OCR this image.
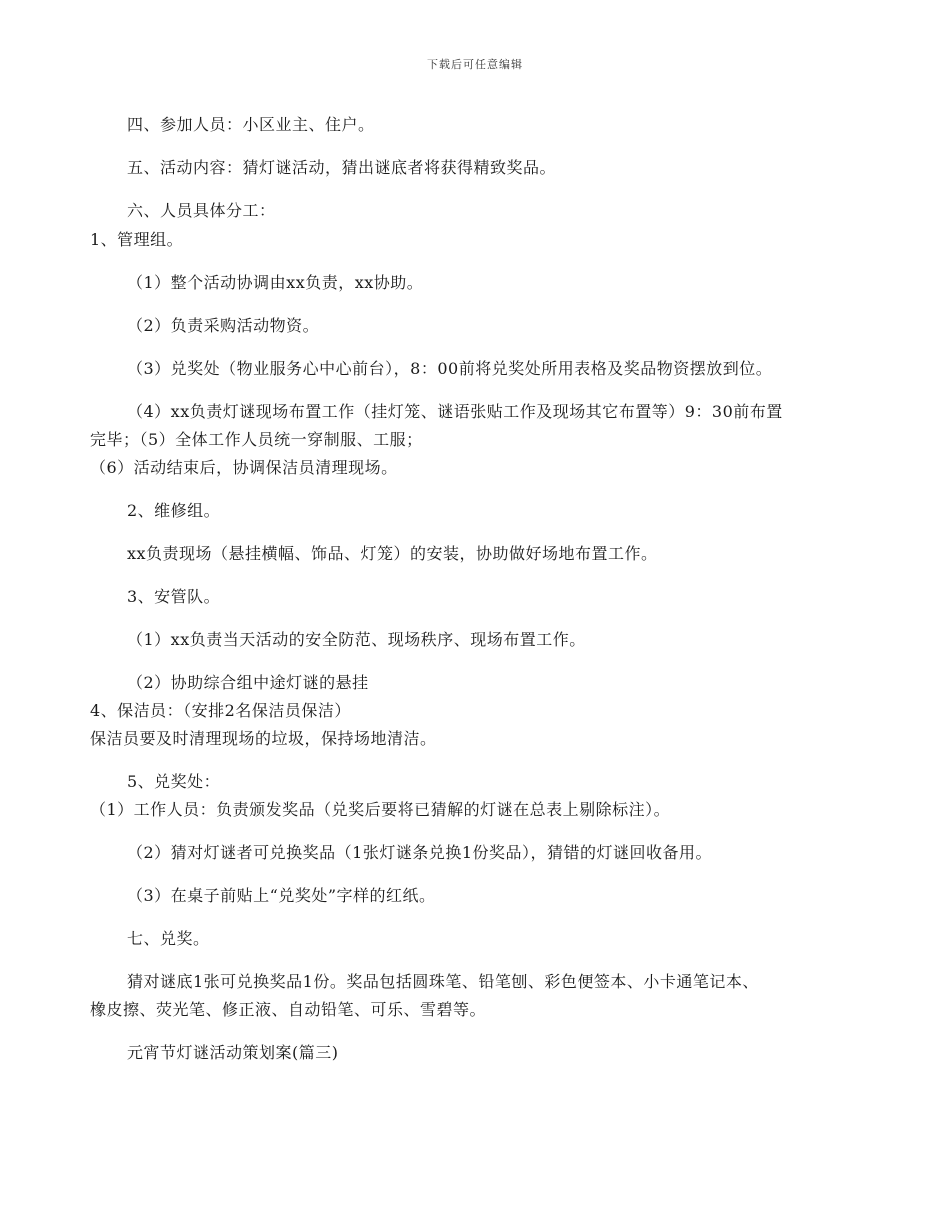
下载后可任意编辑
四、参加人员：小区业主、住户。
五、活动内容：猜灯谜活动，猜出谜底者将获得精致奖品。
六、人员具体分工：
1、管理组。
（1）整个活动协调由xx负责，xx协助。
（2）负责采购活动物资。
（3）兑奖处（物业服务心中心前台），8：00前将兑奖处所用表格及奖品物资摆放到位。
（4）xx负责灯谜现场布置工作（挂灯笼、谜语张贴工作及现场其它布置等）9：30前布置
完毕；（5）全体工作人员统一穿制服、工服；
（6）活动结束后，协调保洁员清理现场。
2、维修组。
xx负责现场（悬挂横幅、饰品、灯笼）的安装，协助做好场地布置工作。
3、安管队。
（1）xx负责当天活动的安全防范、现场秩序、现场布置工作。
（2）协助综合组中途灯谜的悬挂
4、保洁员：（安排2名保洁员保洁）
保洁员要及时清理现场的垃圾，保持场地清洁。
5、兑奖处：
（1）工作人员：负责颁发奖品（兑奖后要将已猜解的灯谜在总表上剔除标注）。
（2）猜对灯谜者可兑换奖品（1张灯谜条兑换1份奖品），猜错的灯谜回收备用。
（3）在桌子前贴上“兑奖处”字样的红纸。
七、兑奖。
猜对谜底1张可兑换奖品1份。奖品包括圆珠笔、铅笔刨、彩色便签本、小卡通笔记本、
橡皮擦、荧光笔、修正液、自动铅笔、可乐、雪碧等。
元宵节灯谜活动策划案(篇三)
